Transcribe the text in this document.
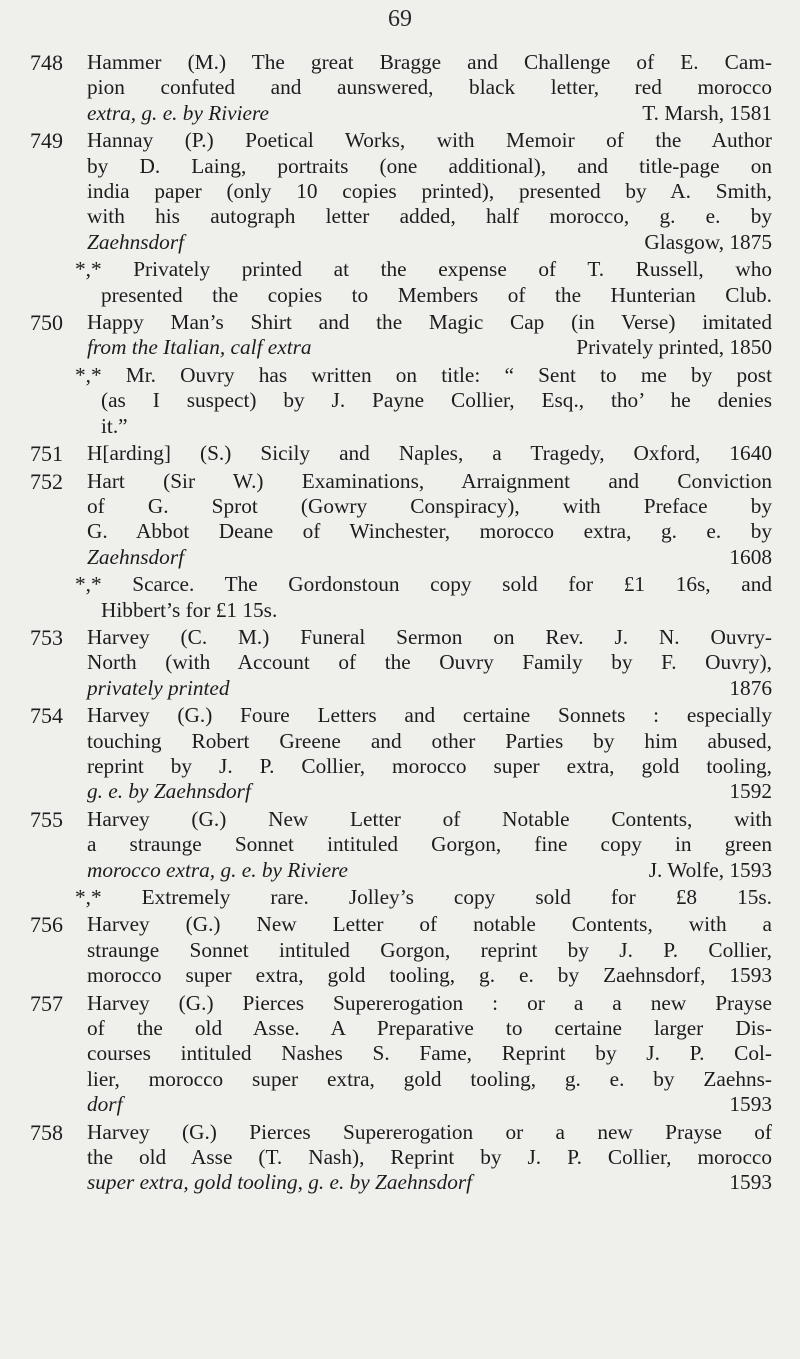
69
748 Hammer (M.) The great Bragge and Challenge of E. Cam-
pion confuted and aunswered, black letter, red morocco
extra, g. e. by Riviere	T. Marsh, 1581
749 Hannay (P.) Poetical Works, with Memoir of the Author
by D. Laing, portraits (one additional), and title-page on
india paper (only 10 copies printed), presented by A. Smith,
with his autograph letter added, half morocco, g. e. by
Zaehnsdorf	Glasgow, 1875
*,* Privately printed at the expense of T. Russell, who
presented the copies to Members of the Hunterian Club.
750 Happy Man’s Shirt and the Magic Cap (in Verse) imitated
from the Italian, calf extra	Privately printed, 1850
*,* Mr. Ouvry has written on title: “ Sent to me by post
(as I suspect) by J. Payne Collier, Esq., tho’ he denies
it.”
751 H[arding] (S.) Sicily and Naples, a Tragedy, Oxford, 1640
752 Hart (Sir W.) Examinations, Arraignment and Conviction
of G. Sprot (Gowry Conspiracy), with Preface by
G. Abbot Deane of Winchester, morocco extra, g. e. by
Zaehnsdorf	1608
*,* Scarce. The Gordonstoun copy sold for £1 16s, and
Hibbert’s for £1 15s.
753 Harvey (C. M.) Funeral Sermon on Rev. J. N. Ouvry-
North (with Account of the Ouvry Family by F. Ouvry),
privately printed	1876
754 Harvey (G.) Foure Letters and certaine Sonnets : especially
touching Robert Greene and other Parties by him abused,
reprint by J. P. Collier, morocco super extra, gold tooling,
g. e. by Zaehnsdorf	1592
755 Harvey (G.) New Letter of Notable Contents, with
a straunge Sonnet intituled Gorgon, fine copy in green
morocco extra, g. e. by Riviere	J. Wolfe, 1593
*,* Extremely rare. Jolley’s copy sold for £8 15s.
756 Harvey (G.) New Letter of notable Contents, with a
straunge Sonnet intituled Gorgon, reprint by J. P. Collier,
morocco super extra, gold tooling, g. e. by Zaehnsdorf, 1593
757 Harvey (G.) Pierces Supererogation : or a a new Prayse
of the old Asse. A Preparative to certaine larger Dis-
courses intituled Nashes S. Fame, Reprint by J. P. Col-
lier, morocco super extra, gold tooling, g. e. by Zaehns-
dorf	1593
758 Harvey (G.) Pierces Supererogation or a new Prayse of
the old Asse (T. Nash), Reprint by J. P. Collier, morocco
super extra, gold tooling, g. e. by Zaehnsdorf	1593
